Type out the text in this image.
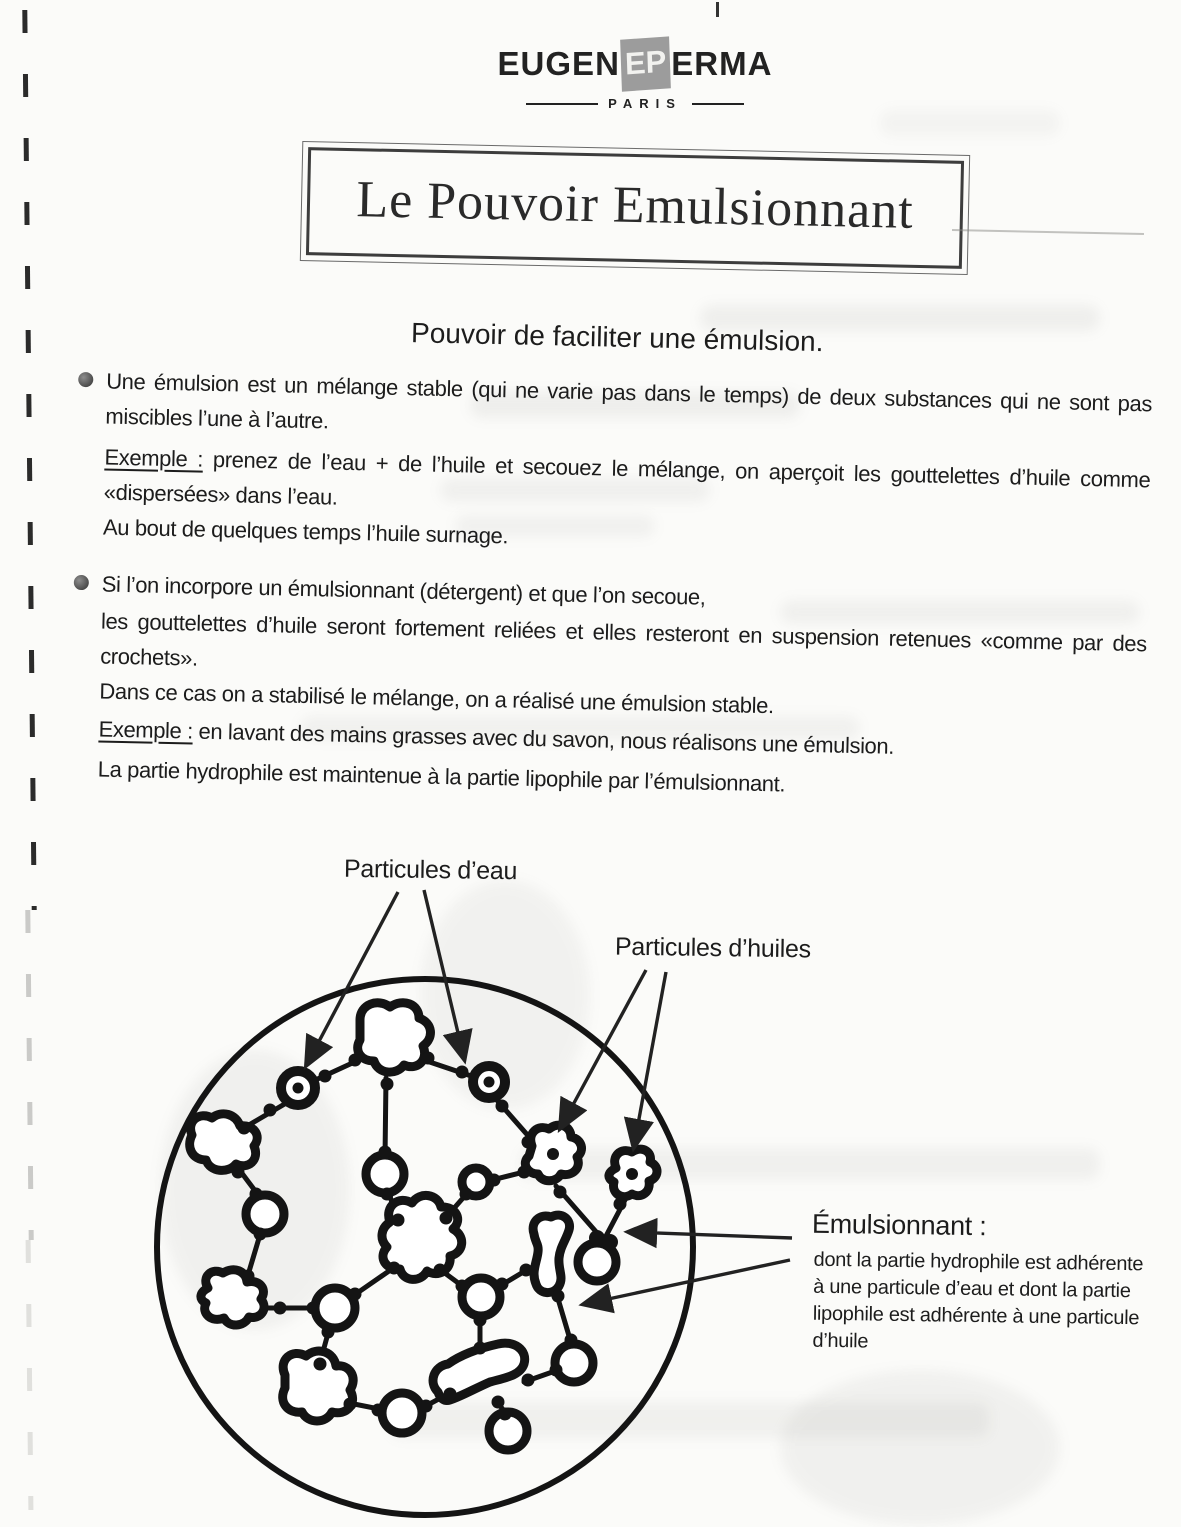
EUGEN EP ERMA
PARIS
Le Pouvoir Emulsionnant
Pouvoir de faciliter une émulsion.

Une émulsion est un mélange stable (qui ne varie pas dans le temps) de deux substances qui ne sont pas miscibles l’une à l’autre.

Exemple : prenez de l’eau + de l’huile et secouez le mélange, on aperçoit les gouttelettes d’huile comme «dispersées» dans l’eau.

Au bout de quelques temps l’huile surnage.

Si l’on incorpore un émulsionnant (détergent) et que l’on secoue,

les gouttelettes d’huile seront fortement reliées et elles resteront en suspension retenues «comme par des crochets».

Dans ce cas on a stabilisé le mélange, on a réalisé une émulsion stable.

Exemple : en lavant des mains grasses avec du savon, nous réalisons une émulsion.

La partie hydrophile est maintenue à la partie lipophile par l’émulsionnant.

Particules d’eau
Particules d’huiles
Émulsionnant :
dont la partie hydrophile est adhérente
à une particule d’eau et dont la partie
lipophile est adhérente à une particule
d’huile
